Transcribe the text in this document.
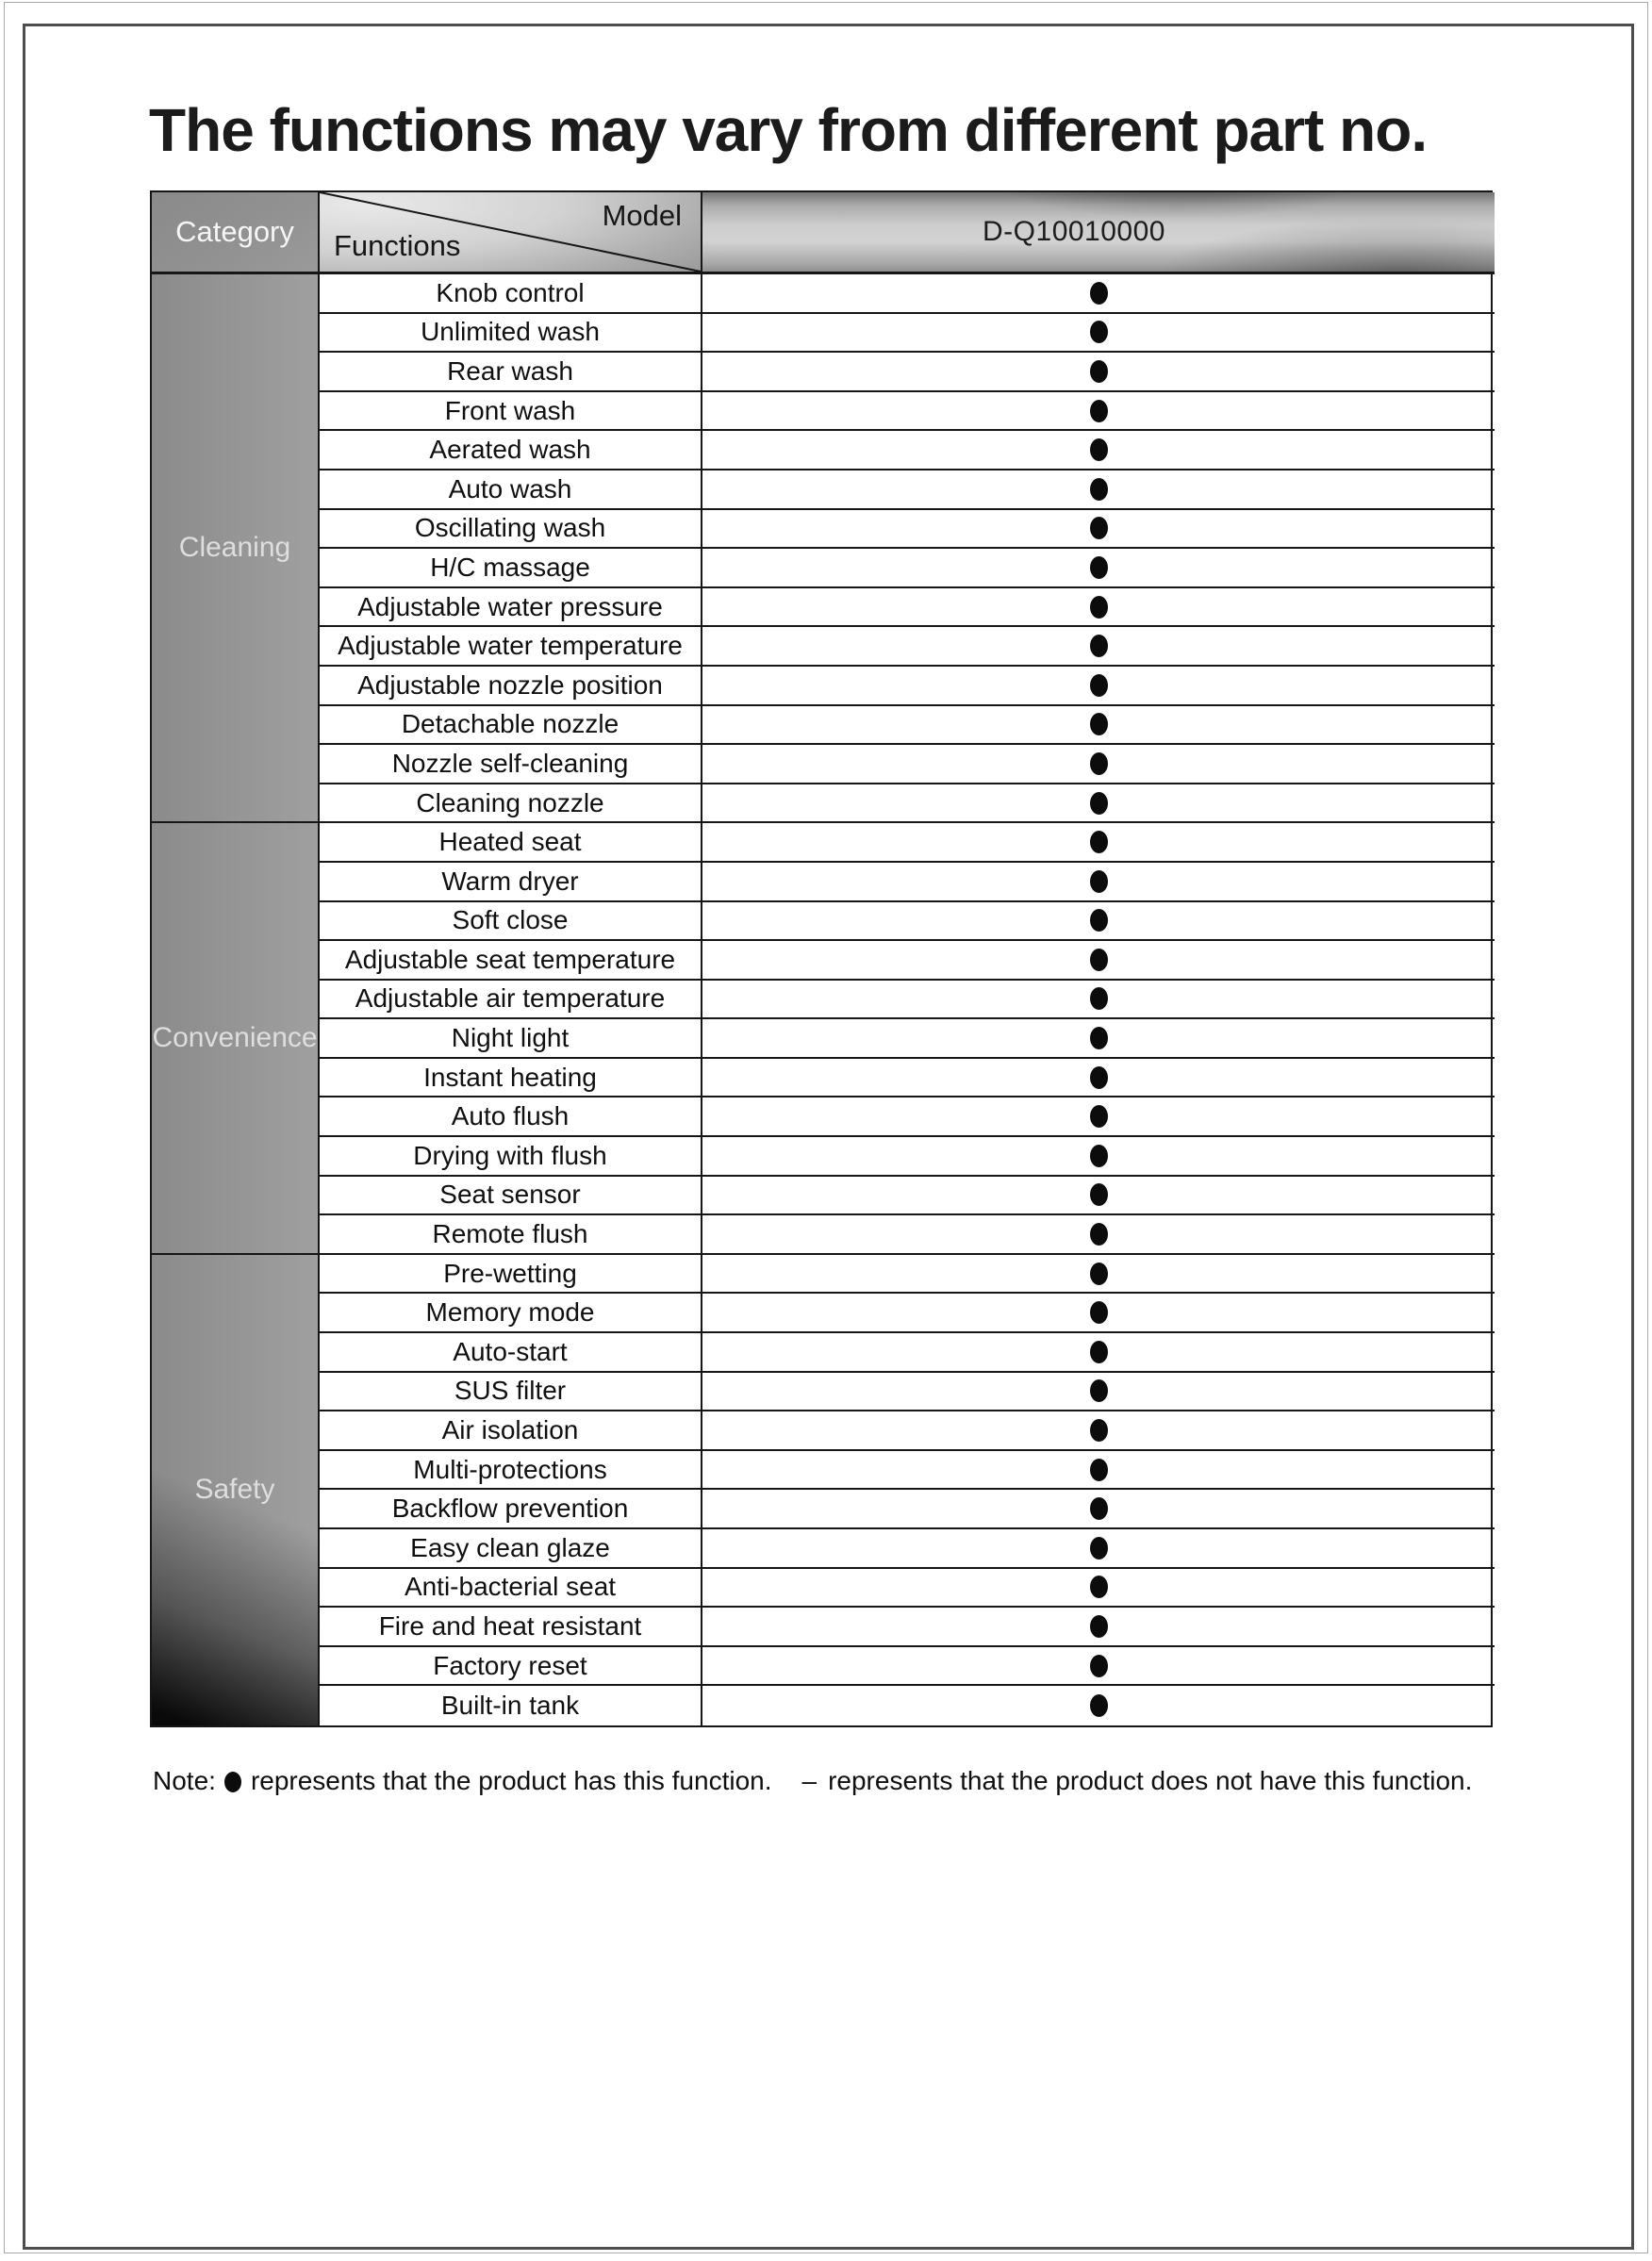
The functions may vary from different part no.
Category	Model
Functions	D-Q10010000
Cleaning
Knob control
Unlimited wash
Rear wash
Front wash
Aerated wash
Auto wash
Oscillating wash
H/C massage
Adjustable water pressure
Adjustable water temperature
Adjustable nozzle position
Detachable nozzle
Nozzle self-cleaning
Cleaning nozzle
Convenience
Heated seat
Warm dryer
Soft close
Adjustable seat temperature
Adjustable air temperature
Night light
Instant heating
Auto flush
Drying with flush
Seat sensor
Remote flush
Safety
Pre-wetting
Memory mode
Auto-start
SUS filter
Air isolation
Multi-protections
Backflow prevention
Easy clean glaze
Anti-bacterial seat
Fire and heat resistant
Factory reset
Built-in tank
Note: represents that the product has this function. – represents that the product does not have this function.
